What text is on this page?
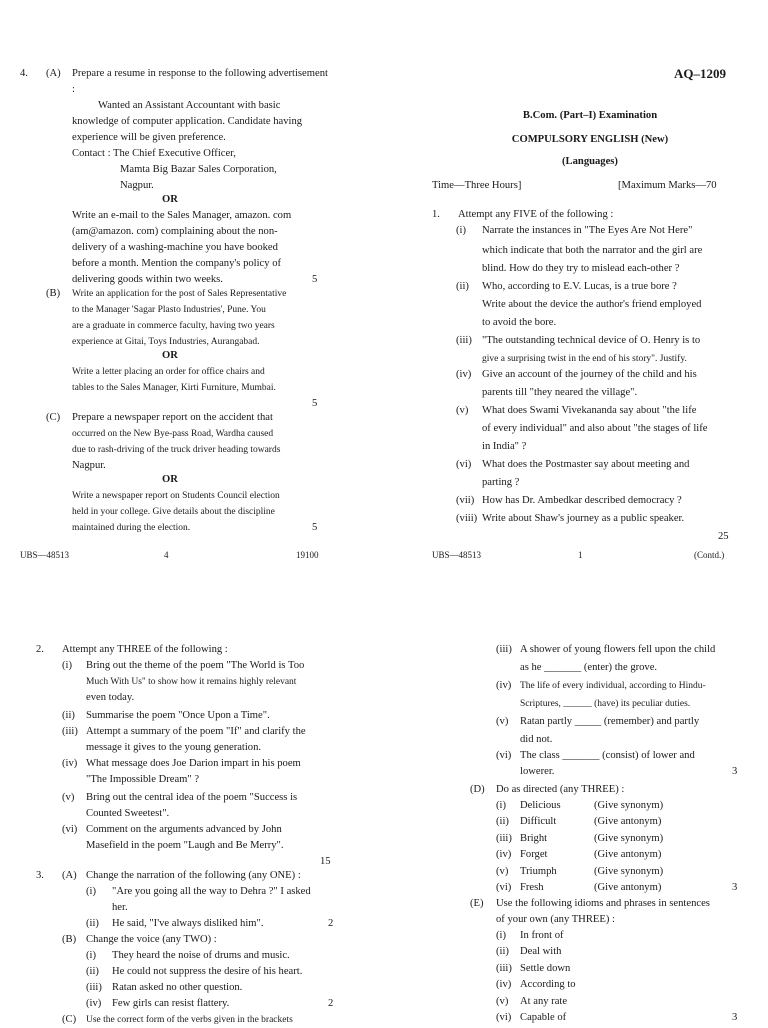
4. (A) Prepare a resume in response to the following advertisement :
Wanted an Assistant Accountant with basic
knowledge of computer application. Candidate having
experience will be given preference.
Contact : The Chief Executive Officer,
Mamta Big Bazar Sales Corporation,
Nagpur.
OR
Write an e-mail to the Sales Manager, amazon. com
(am@amazon. com) complaining about the non-
delivery of a washing-machine you have booked
before a month. Mention the company's policy of
delivering goods within two weeks.	5
(B) Write an application for the post of Sales Representative
to the Manager 'Sagar Plasto Industries', Pune. You
are a graduate in commerce faculty, having two years
experience at Gitai, Toys Industries, Aurangabad.
OR
Write a letter placing an order for office chairs and
tables to the Sales Manager, Kirti Furniture, Mumbai.
5
(C) Prepare a newspaper report on the accident that
occurred on the New Bye-pass Road, Wardha caused
due to rash-driving of the truck driver heading towards
Nagpur.
OR
Write a newspaper report on Students Council election
held in your college. Give details about the discipline
maintained during the election.	5
UBS—48513	4	19100
AQ–1209
B.Com. (Part–I) Examination
COMPULSORY ENGLISH (New)
(Languages)
Time—Three Hours]	[Maximum Marks—70
1. Attempt any FIVE of the following :
(i) Narrate the instances in "The Eyes Are Not Here"
which indicate that both the narrator and the girl are
blind. How do they try to mislead each-other ?
(ii) Who, according to E.V. Lucas, is a true bore ?
Write about the device the author's friend employed
to avoid the bore.
(iii) "The outstanding technical device of O. Henry is to
give a surprising twist in the end of his story". Justify.
(iv) Give an account of the journey of the child and his
parents till "they neared the village".
(v) What does Swami Vivekananda say about "the life
of every individual" and also about "the stages of life
in India" ?
(vi) What does the Postmaster say about meeting and
parting ?
(vii) How has Dr. Ambedkar described democracy ?
(viii) Write about Shaw's journey as a public speaker.
25
UBS—48513	1	(Contd.)
2. Attempt any THREE of the following :
(i) Bring out the theme of the poem "The World is Too
Much With Us" to show how it remains highly relevant
even today.
(ii) Summarise the poem "Once Upon a Time".
(iii) Attempt a summary of the poem "If" and clarify the
message it gives to the young generation.
(iv) What message does Joe Darion impart in his poem
"The Impossible Dream" ?
(v) Bring out the central idea of the poem "Success is
Counted Sweetest".
(vi) Comment on the arguments advanced by John
Masefield in the poem "Laugh and Be Merry".
15
3. (A) Change the narration of the following (any ONE) :
(i) "Are you going all the way to Dehra ?" I asked
her.
(ii) He said, "I've always disliked him".	2
(B) Change the voice (any TWO) :
(i) They heard the noise of drums and music.
(ii) He could not suppress the desire of his heart.
(iii) Ratan asked no other question.
(iv) Few girls can resist flattery.	2
(C) Use the correct form of the verbs given in the brackets
(iii) A shower of young flowers fell upon the child
as he _______ (enter) the grove.
(iv) The life of every individual, according to Hindu-
Scriptures, ______ (have) its peculiar duties.
(v) Ratan partly _____ (remember) and partly
did not.
(vi) The class _______ (consist) of lower and
lowerer.	3
(D) Do as directed (any THREE) :
(i) Delicious	(Give synonym)
(ii) Difficult	(Give antonym)
(iii) Bright	(Give synonym)
(iv) Forget	(Give antonym)
(v) Triumph	(Give synonym)
(vi) Fresh	(Give antonym)	3
(E) Use the following idioms and phrases in sentences
of your own (any THREE) :
(i) In front of
(ii) Deal with
(iii) Settle down
(iv) According to
(v) At any rate
(vi) Capable of	3
